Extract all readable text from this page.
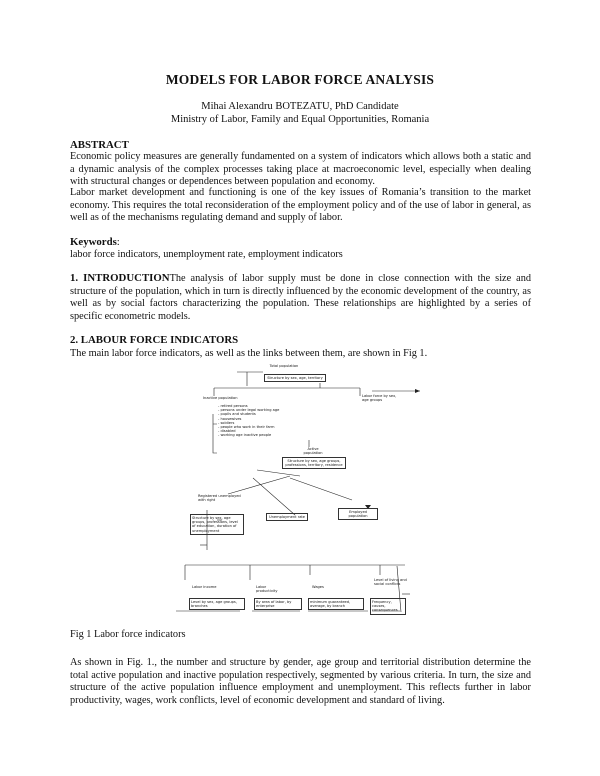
MODELS FOR LABOR FORCE ANALYSIS
Mihai Alexandru BOTEZATU, PhD Candidate
Ministry of Labor, Family and Equal Opportunities, Romania
ABSTRACT
Economic policy measures are generally fundamented on a system of indicators which allows both a static and a dynamic analysis of the complex processes taking place at macroeconomic level, especially when dealing with structural changes or dependences between population and economy.
Labor market development and functioning is one of the key issues of Romania’s transition to the market economy. This requires the total reconsideration of the employment policy and of the use of labor in general, as well as of the mechanisms regulating demand and supply of labor.
Keywords:
labor force indicators, unemployment rate, employment indicators
1. INTRODUCTIONThe analysis of labor supply must be done in close connection with the size and structure of the population, which in turn is directly influenced by the economic development of the country, as well as by social factors characterizing the population. These relationships are highlighted by a series of specific econometric models.
2. LABOUR FORCE INDICATORS
The main labor force indicators, as well as the links between them, are shown in Fig 1.
Total population
Structure by sex, age, territory
Inactive population
- retired persons
- persons under legal working age
- pupils and students
- housewives
- soldiers
- people who work in their farm
- disabled
- working age inactive people
Labor force by sex, age groups
Active population
Structure by sex, age groups, professions, territory, residence
Registered unemployed with right
Structure by sex, age groups, professions, level of education, duration of unemployment
Unemployment rate
Employed population
Labor income
Level by sex, age groups, branches
Labor productivity
By area of labor, by enterprise
Wages
minimum guaranteed, average, by branch
Level of living and social conflicts
Frequency, causes, consequences
Fig 1 Labor force indicators
As shown in Fig. 1., the number and structure by gender, age group and territorial distribution determine the total active population and inactive population respectively, segmented by various criteria. In turn, the size and structure of the active population influence employment and unemployment. This reflects further in labor productivity, wages, work conflicts, level of economic development and standard of living.
